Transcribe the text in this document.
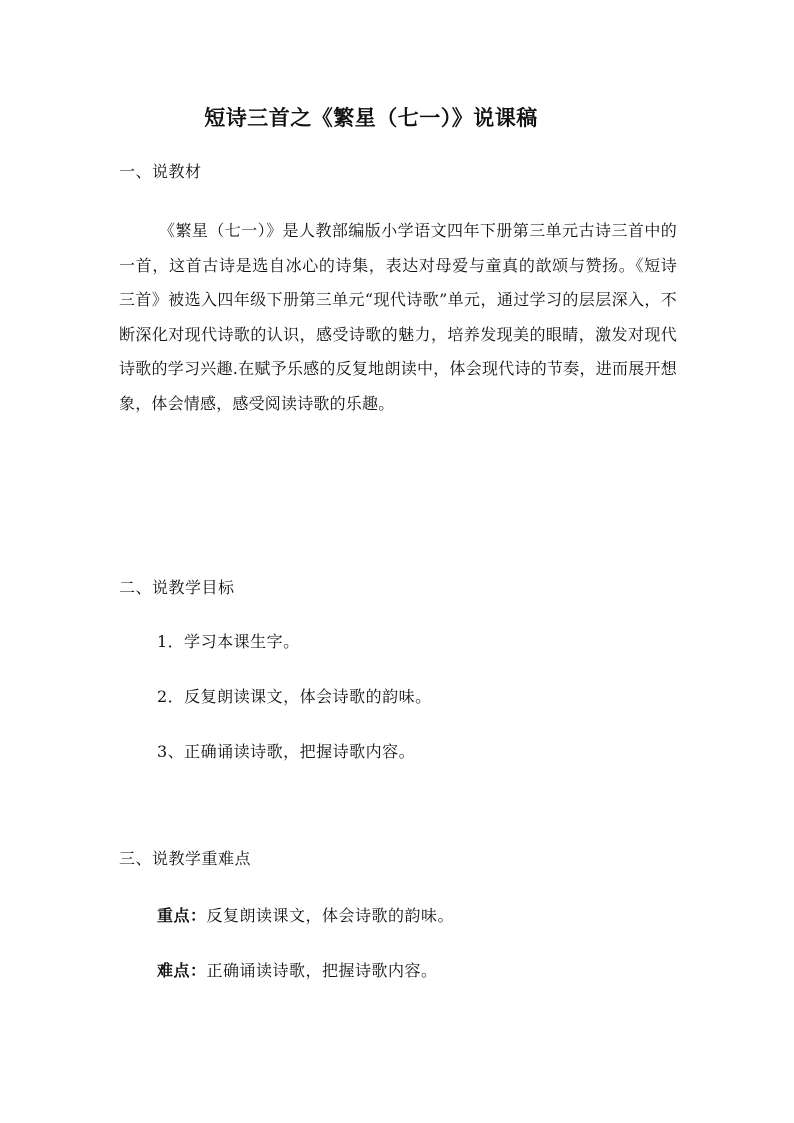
短诗三首之《繁星（七一）》说课稿
一、说教材

《繁星（七一）》是人教部编版小学语文四年下册第三单元古诗三首中的一首，这首古诗是选自冰心的诗集，表达对母爱与童真的歆颂与赞扬。《短诗三首》被选入四年级下册第三单元“现代诗歌”单元，通过学习的层层深入，不断深化对现代诗歌的认识，感受诗歌的魅力，培养发现美的眼睛，激发对现代诗歌的学习兴趣.在赋予乐感的反复地朗读中，体会现代诗的节奏，进而展开想象，体会情感，感受阅读诗歌的乐趣。

二、说教学目标
1．学习本课生字。
2．反复朗读课文，体会诗歌的韵味。
3、正确诵读诗歌，把握诗歌内容。
三、说教学重难点
重点：反复朗读课文，体会诗歌的韵味。
难点：正确诵读诗歌，把握诗歌内容。
